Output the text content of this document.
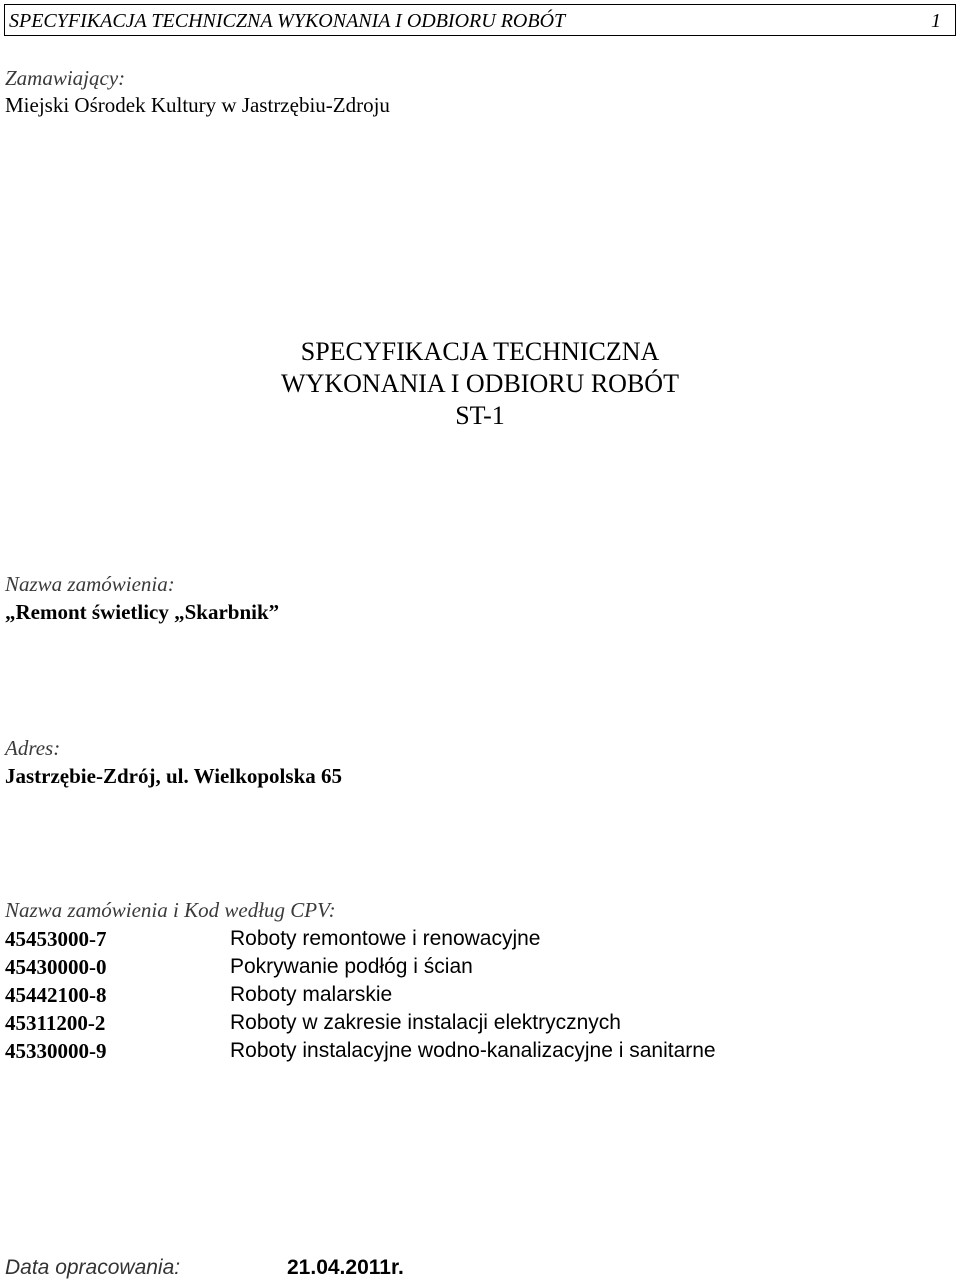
SPECYFIKACJA TECHNICZNA WYKONANIA I ODBIORU ROBÓT	1
Zamawiający:
Miejski Ośrodek Kultury w Jastrzębiu-Zdroju
SPECYFIKACJA TECHNICZNA
WYKONANIA I ODBIORU ROBÓT
ST-1
Nazwa zamówienia:
„Remont świetlicy „Skarbnik”
Adres:
Jastrzębie-Zdrój, ul. Wielkopolska 65
Nazwa zamówienia i Kod według CPV:
45453000-7	Roboty remontowe i renowacyjne
45430000-0	Pokrywanie podłóg i ścian
45442100-8	Roboty malarskie
45311200-2	Roboty w zakresie instalacji elektrycznych
45330000-9	Roboty instalacyjne wodno-kanalizacyjne i sanitarne
Data opracowania:	21.04.2011r.
